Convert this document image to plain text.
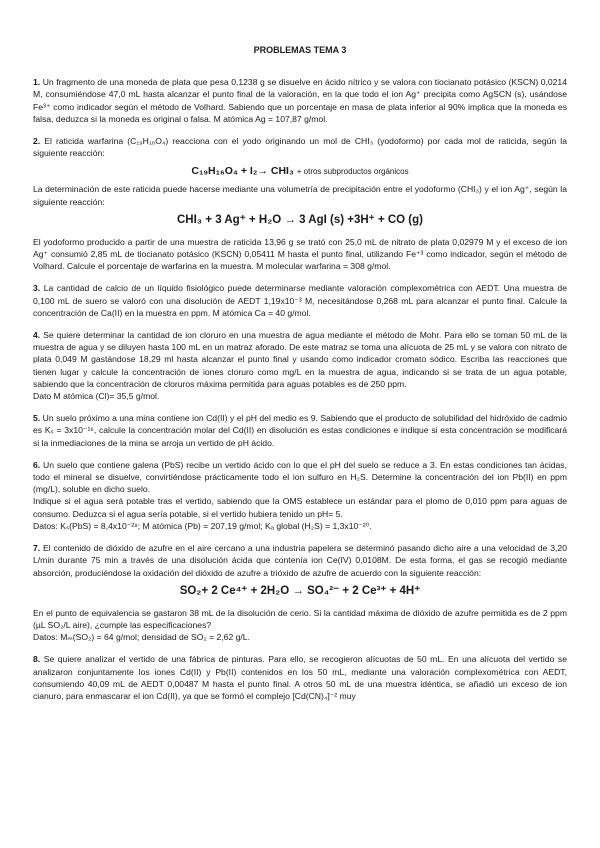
PROBLEMAS TEMA 3

1. Un fragmento de una moneda de plata que pesa 0,1238 g se disuelve en ácido nítrico y se valora con tiocianato potásico (KSCN) 0,0214 M, consumiéndose 47,0 mL hasta alcanzar el punto final de la valoración, en la que todo el ion Ag⁺ precipita como AgSCN (s), usándose Fe³⁺ como indicador según el método de Volhard. Sabiendo que un porcentaje en masa de plata inferior al 90% implica que la moneda es falsa, deduzca si la moneda es original o falsa. M atómica Ag = 107,87 g/mol.

2. El raticida warfarina (C₁₉H₁₆O₄) reacciona con el yodo originando un mol de CHI₃ (yodoformo) por cada mol de raticida, según la siguiente reacción:

C₁₉H₁₆O₄ + I₂→ CHI₃ + otros subproductos orgánicos

La determinación de este raticida puede hacerse mediante una volumetría de precipitación entre el yodoformo (CHI₃) y el ion Ag⁺, según la siguiente reacción:

CHI₃ + 3 Ag⁺ + H₂O → 3 AgI (s) +3H⁺ + CO (g)

El yodoformo producido a partir de una muestra de raticida 13,96 g se trató con 25,0 mL de nitrato de plata 0,02979 M y el exceso de ion Ag⁺ consumió 2,85 mL de tiocianato potásico (KSCN) 0,05411 M hasta el punto final, utilizando Fe⁺³ como indicador, según el método de Volhard. Calcule el porcentaje de warfarina en la muestra. M molecular warfarina = 308 g/mol.

3. La cantidad de calcio de un líquido fisiológico puede determinarse mediante valoración complexométrica con AEDT. Una muestra de 0,100 mL de suero se valoró con una disolución de AEDT 1,19x10⁻³ M, necesitándose 0,268 mL para alcanzar el punto final. Calcule la concentración de Ca(II) en la muestra en ppm. M atómica Ca = 40 g/mol.

4. Se quiere determinar la cantidad de ion cloruro en una muestra de agua mediante el método de Mohr. Para ello se toman 50 mL de la muestra de agua y se diluyen hasta 100 mL en un matraz aforado. De este matraz se toma una alícuota de 25 mL y se valora con nitrato de plata 0,049 M gastándose 18,29 ml hasta alcanzar el punto final y usando como indicador cromato sódico. Escriba las reacciones que tienen lugar y calcule la concentración de iones cloruro como mg/L en la muestra de agua, indicando si se trata de un agua potable, sabiendo que la concentración de cloruros máxima permitida para aguas potables es de 250 ppm.

Dato M atómica (Cl)= 35,5 g/mol.

5. Un suelo próximo a una mina contiene ion Cd(II) y el pH del medio es 9. Sabiendo que el producto de solubilidad del hidróxido de cadmio es Kₛ = 3x10⁻¹⁶, calcule la concentración molar del Cd(II) en disolución es estas condiciones e indique si esta concentración se modificará si la inmediaciones de la mina se arroja un vertido de pH ácido.

6. Un suelo que contiene galena (PbS) recibe un vertido ácido con lo que el pH del suelo se reduce a 3. En estas condiciones tan ácidas, todo el mineral se disuelve, convirtiéndose prácticamente todo el ion sulfuro en H₂S. Determine la concentración del ion Pb(II) en ppm (mg/L), soluble en dicho suelo.

Indique si el agua será potable tras el vertido, sabiendo que la OMS establece un estándar para el plomo de 0,010 ppm para aguas de consumo. Deduzca si el agua sería potable, si el vertido hubiera tenido un pH= 5.

Datos: Kₛ(PbS) = 8,4x10⁻²⁸; M atómica (Pb) = 207,19 g/mol; Kₐ global (H₂S) = 1,3x10⁻²⁰.

7. El contenido de dióxido de azufre en el aire cercano a una industria papelera se determinó pasando dicho aire a una velocidad de 3,20 L/min durante 75 min a través de una disolución ácida que contenía ion Ce(IV) 0,0108M. De esta forma, el gas se recogió mediante absorción, produciéndose la oxidación del dióxido de azufre a trióxido de azufre de acuerdo con la siguiente reacción:

SO₂+ 2 Ce⁴⁺ + 2H₂O → SO₄²⁻ + 2 Ce³⁺ + 4H⁺

En el punto de equivalencia se gastaron 38 mL de la disolución de cerio. Si la cantidad máxima de dióxido de azufre permitida es de 2 ppm (µL SO₂/L aire), ¿cumple las especificaciones?

Datos: Mₘ(SO₂) = 64 g/mol; densidad de SO₂ = 2,62 g/L.

8. Se quiere analizar el vertido de una fábrica de pinturas. Para ello, se recogieron alícuotas de 50 mL. En una alícuota del vertido se analizaron conjuntamente los iones Cd(II) y Pb(II) contenidos en los 50 mL, mediante una valoración complexométrica con AEDT, consumiendo 40,09 mL de AEDT 0,00487 M hasta el punto final. A otros 50 mL de una muestra idéntica, se añadió un exceso de ion cianuro, para enmascarar el ion Cd(II), ya que se formó el complejo [Cd(CN)₄]⁻² muy
